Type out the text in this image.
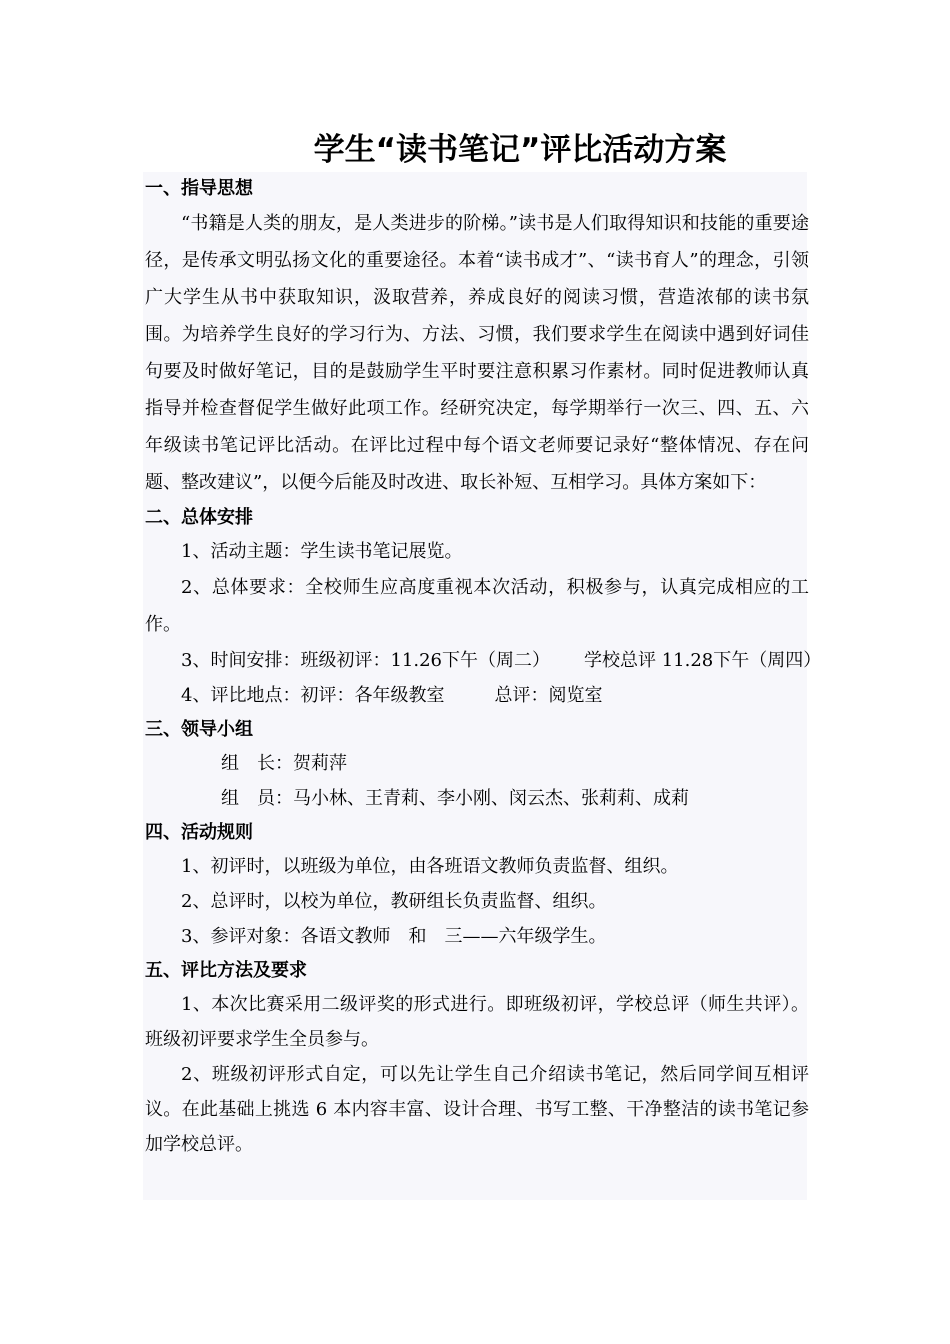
学生“读书笔记”评比活动方案
一、指导思想

“书籍是人类的朋友，是人类进步的阶梯。”读书是人们取得知识和技能的重要途径，是传承文明弘扬文化的重要途径。本着“读书成才”、“读书育人”的理念，引领广大学生从书中获取知识，汲取营养，养成良好的阅读习惯，营造浓郁的读书氛围。为培养学生良好的学习行为、方法、习惯，我们要求学生在阅读中遇到好词佳句要及时做好笔记，目的是鼓励学生平时要注意积累习作素材。同时促进教师认真指导并检查督促学生做好此项工作。经研究决定，每学期举行一次三、四、五、六年级读书笔记评比活动。在评比过程中每个语文老师要记录好“整体情况、存在问题、整改建议”，以便今后能及时改进、取长补短、互相学习。具体方案如下：

二、总体安排
1、活动主题：学生读书笔记展览。

2、总体要求：全校师生应高度重视本次活动，积极参与，认真完成相应的工作。

3、时间安排：班级初评：11.26下午（周二） 学校总评 11.28下午（周四）
4、评比地点：初评：各年级教室	总评：阅览室
三、领导小组
组　长：贺莉萍
组　员：马小林、王青莉、李小刚、闵云杰、张莉莉、成莉
四、活动规则
1、初评时，以班级为单位，由各班语文教师负责监督、组织。
2、总评时，以校为单位，教研组长负责监督、组织。
3、参评对象：各语文教师　和　三——六年级学生。
五、评比方法及要求

1、本次比赛采用二级评奖的形式进行。即班级初评，学校总评（师生共评）。班级初评要求学生全员参与。

2、班级初评形式自定，可以先让学生自己介绍读书笔记，然后同学间互相评议。在此基础上挑选 6 本内容丰富、设计合理、书写工整、干净整洁的读书笔记参加学校总评。
